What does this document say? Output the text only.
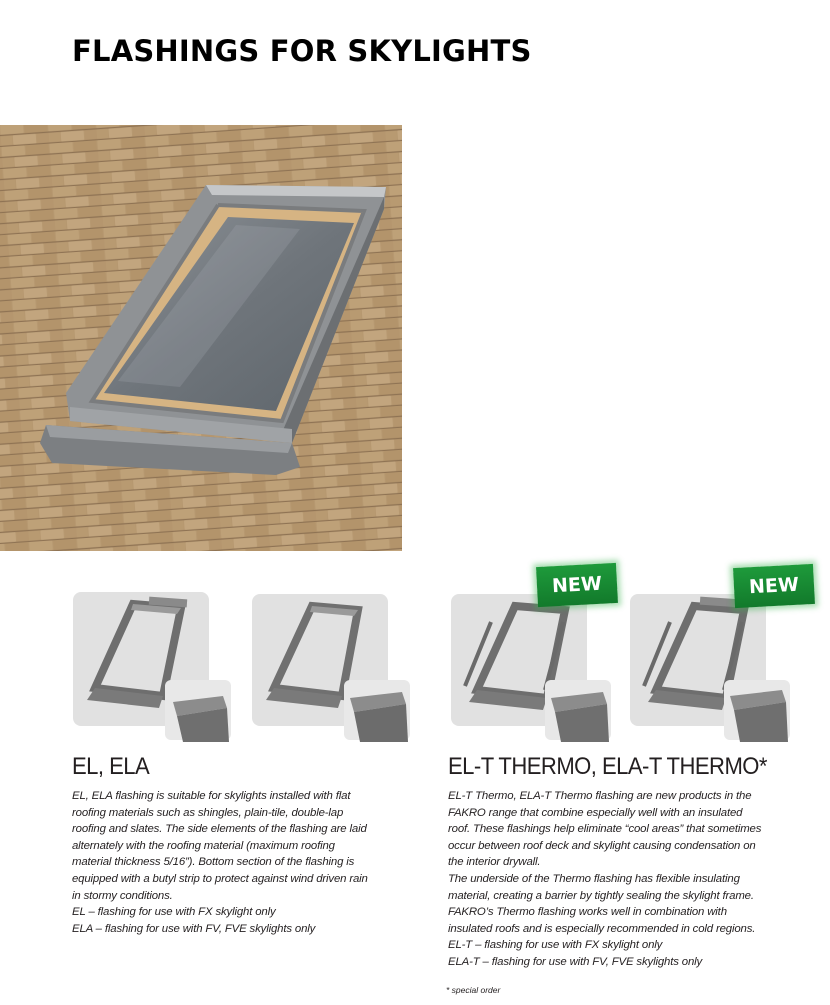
FLASHINGS FOR SKYLIGHTS
NEW	NEW
EL, ELA

EL, ELA flashing is suitable for skylights installed with flat
roofing materials such as shingles, plain-tile, double-lap
roofing and slates. The side elements of the flashing are laid
alternately with the roofing material (maximum roofing
material thickness 5/16”). Bottom section of the flashing is
equipped with a butyl strip to protect against wind driven rain
in stormy conditions.
EL – flashing for use with FX skylight only
ELA – flashing for use with FV, FVE skylights only

EL-T THERMO, ELA-T THERMO*

EL-T Thermo, ELA-T Thermo flashing are new products in the
FAKRO range that combine especially well with an insulated
roof. These flashings help eliminate “cool areas” that sometimes
occur between roof deck and skylight causing condensation on
the interior drywall.
The underside of the Thermo flashing has flexible insulating
material, creating a barrier by tightly sealing the skylight frame.
FAKRO’s Thermo flashing works well in combination with
insulated roofs and is especially recommended in cold regions.
EL-T – flashing for use with FX skylight only
ELA-T – flashing for use with FV, FVE skylights only

* special order
